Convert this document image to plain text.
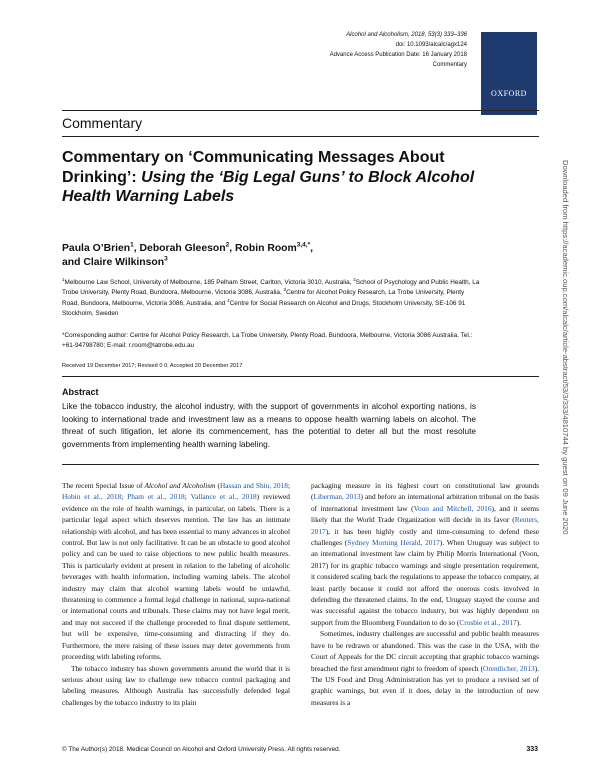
Alcohol and Alcoholism, 2018, 53(3) 333–336
doi: 10.1093/alcalc/agx124
Advance Access Publication Date: 16 January 2018
Commentary
OXFORD
Commentary
Commentary on ‘Communicating Messages About Drinking’: Using the ‘Big Legal Guns’ to Block Alcohol Health Warning Labels
Paula O’Brien$^1$, Deborah Gleeson$^2$, Robin Room$^{3,4,*}$,
and Claire Wilkinson$^3$
$^1$Melbourne Law School, University of Melbourne, 185 Pelham Street, Carlton, Victoria 3010, Australia, $^2$School of Psychology and Public Health, La Trobe University, Plenty Road, Bundoora, Melbourne, Victoria 3086, Australia, $^3$Centre for Alcohol Policy Research, La Trobe University, Plenty Road, Bundoora, Melbourne, Victoria 3086, Australia, and $^4$Centre for Social Research on Alcohol and Drugs, Stockholm University, SE-106 91 Stockholm, Sweden
*Corresponding author: Centre for Alcohol Policy Research, La Trobe University, Plenty Road, Bundoora, Melbourne, Victoria 3086 Australia. Tel.: +61-94798780; E-mail: r.room@latrobe.edu.au
Received 19 December 2017; Revised 0 0; Accepted 20 December 2017
Abstract
Like the tobacco industry, the alcohol industry, with the support of governments in alcohol exporting nations, is looking to international trade and investment law as a means to oppose health warning labels on alcohol. The threat of such litigation, let alone its commencement, has the potential to deter all but the most resolute governments from implementing health warning labeling.

The recent Special Issue of Alcohol and Alcoholism (Hassan and Shiu, 2018; Hobin et al., 2018; Pham et al., 2018; Vallance et al., 2018) reviewed evidence on the role of health warnings, in particular, on labels. There is a particular legal aspect which deserves mention. The law has an intimate relationship with alcohol, and has been essential to many advances in alcohol control. But law is not only facilitative. It can be an obstacle to good alcohol policy and can be used to raise objections to new public health measures. This is particularly evident at present in relation to the labeling of alcoholic beverages with health information, including warning labels. The alcohol industry may claim that alcohol warning labels would be unlawful, threatening to commence a formal legal challenge in national, supra-national or international courts and tribunals. These claims may not have legal merit, and may not succeed if the challenge proceeded to final dispute settlement, but will be expensive, time-consuming and distracting if they do. Furthermore, the mere raising of these issues may deter governments from proceeding with labeling reforms.

The tobacco industry has shown governments around the world that it is serious about using law to challenge new tobacco control packaging and labeling measures. Although Australia has successfully defended legal challenges by the tobacco industry to its plain

packaging measure in its highest court on constitutional law grounds (Liberman, 2013) and before an international arbitration tribunal on the basis of international investment law (Voon and Mitchell, 2016), and it seems likely that the World Trade Organization will decide in its favor (Reuters, 2017), it has been highly costly and time-consuming to defend these challenges (Sydney Morning Herald, 2017). When Uruguay was subject to an international investment law claim by Philip Morris International (Voon, 2017) for its graphic tobacco warnings and single presentation requirement, it considered scaling back the regulations to appease the tobacco company, at least partly because it could not afford the onerous costs involved in defending the threatened claims. In the end, Uruguay stayed the course and was successful against the tobacco industry, but was highly dependent on support from the Bloomberg Foundation to do so (Crosbie et al., 2017).

Sometimes, industry challenges are successful and public health measures have to be redrawn or abandoned. This was the case in the USA, with the Court of Appeals for the DC circuit accepting that graphic tobacco warnings breached the first amendment right to freedom of speech (Orentlicher, 2013). The US Food and Drug Administration has yet to produce a revised set of graphic warnings, but even if it does, delay in the introduction of new measures is a

© The Author(s) 2018. Medical Council on Alcohol and Oxford University Press. All rights reserved.	333
Downloaded from https://academic.oup.com/alcalc/article-abstract/53/3/333/4810744 by guest on 09 June 2020
